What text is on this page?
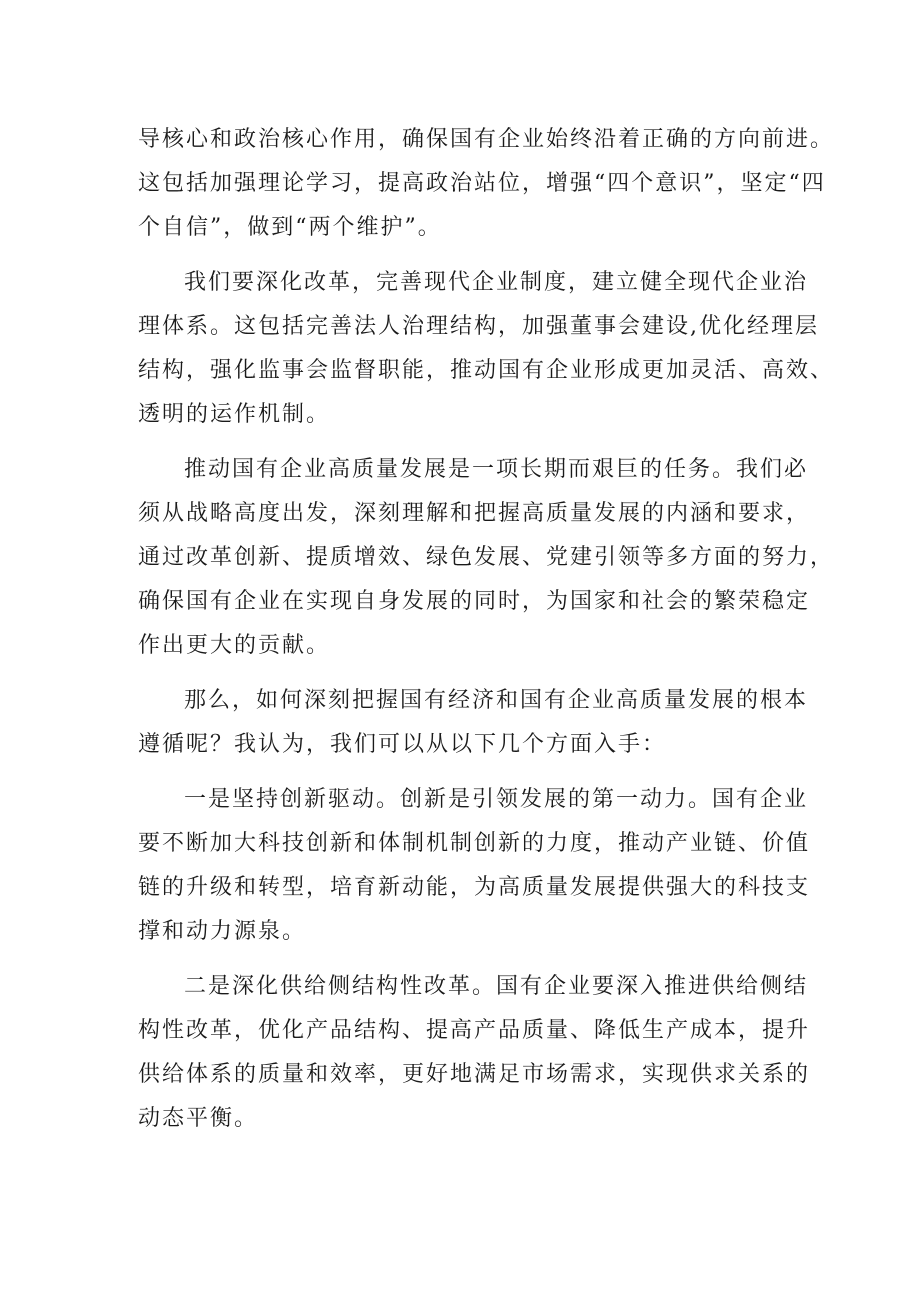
导核心和政治核心作用，确保国有企业始终沿着正确的方向前进。
这包括加强理论学习，提高政治站位，增强“四个意识”，坚定“四
个自信”，做到“两个维护”。
我们要深化改革，完善现代企业制度，建立健全现代企业治
理体系。这包括完善法人治理结构，加强董事会建设,优化经理层
结构，强化监事会监督职能，推动国有企业形成更加灵活、高效、
透明的运作机制。
推动国有企业高质量发展是一项长期而艰巨的任务。我们必
须从战略高度出发，深刻理解和把握高质量发展的内涵和要求，
通过改革创新、提质增效、绿色发展、党建引领等多方面的努力，
确保国有企业在实现自身发展的同时，为国家和社会的繁荣稳定
作出更大的贡献。
那么，如何深刻把握国有经济和国有企业高质量发展的根本
遵循呢？我认为，我们可以从以下几个方面入手：
一是坚持创新驱动。创新是引领发展的第一动力。国有企业
要不断加大科技创新和体制机制创新的力度，推动产业链、价值
链的升级和转型，培育新动能，为高质量发展提供强大的科技支
撑和动力源泉。
二是深化供给侧结构性改革。国有企业要深入推进供给侧结
构性改革，优化产品结构、提高产品质量、降低生产成本，提升
供给体系的质量和效率，更好地满足市场需求，实现供求关系的
动态平衡。
